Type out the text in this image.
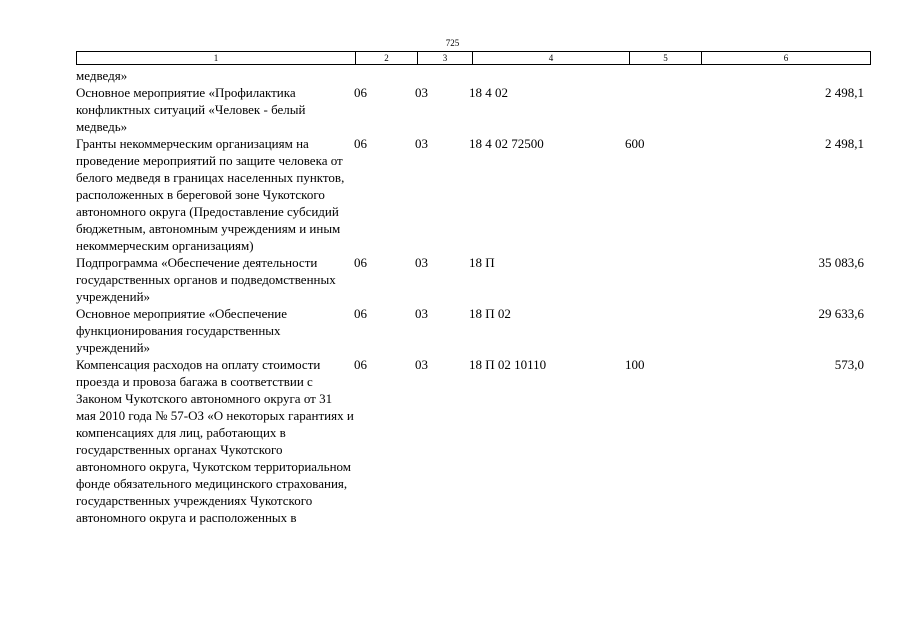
725
1	2	3	4	5	6
медведя»					
Основное мероприятие «Профилактика конфликтных ситуаций «Человек - белый медведь»	06	03	18 4 02		2 498,1
Гранты некоммерческим организациям на проведение мероприятий по защите человека от белого медведя в границах населенных пунктов, расположенных в береговой зоне Чукотского автономного округа (Предоставление субсидий бюджетным, автономным учреждениям и иным некоммерческим организациям)	06	03	18 4 02 72500	600	2 498,1
Подпрограмма «Обеспечение деятельности государственных органов и подведомственных учреждений»	06	03	18 П		35 083,6
Основное мероприятие «Обеспечение функционирования государственных учреждений»	06	03	18 П 02		29 633,6
Компенсация расходов на оплату стоимости проезда и провоза багажа в соответствии с Законом Чукотского автономного округа от 31 мая 2010 года № 57-ОЗ «О некоторых гарантиях и компенсациях для лиц, работающих в государственных органах Чукотского автономного округа, Чукотском территориальном фонде обязательного медицинского страхования, государственных учреждениях Чукотского автономного округа и расположенных в	06	03	18 П 02 10110	100	573,0
